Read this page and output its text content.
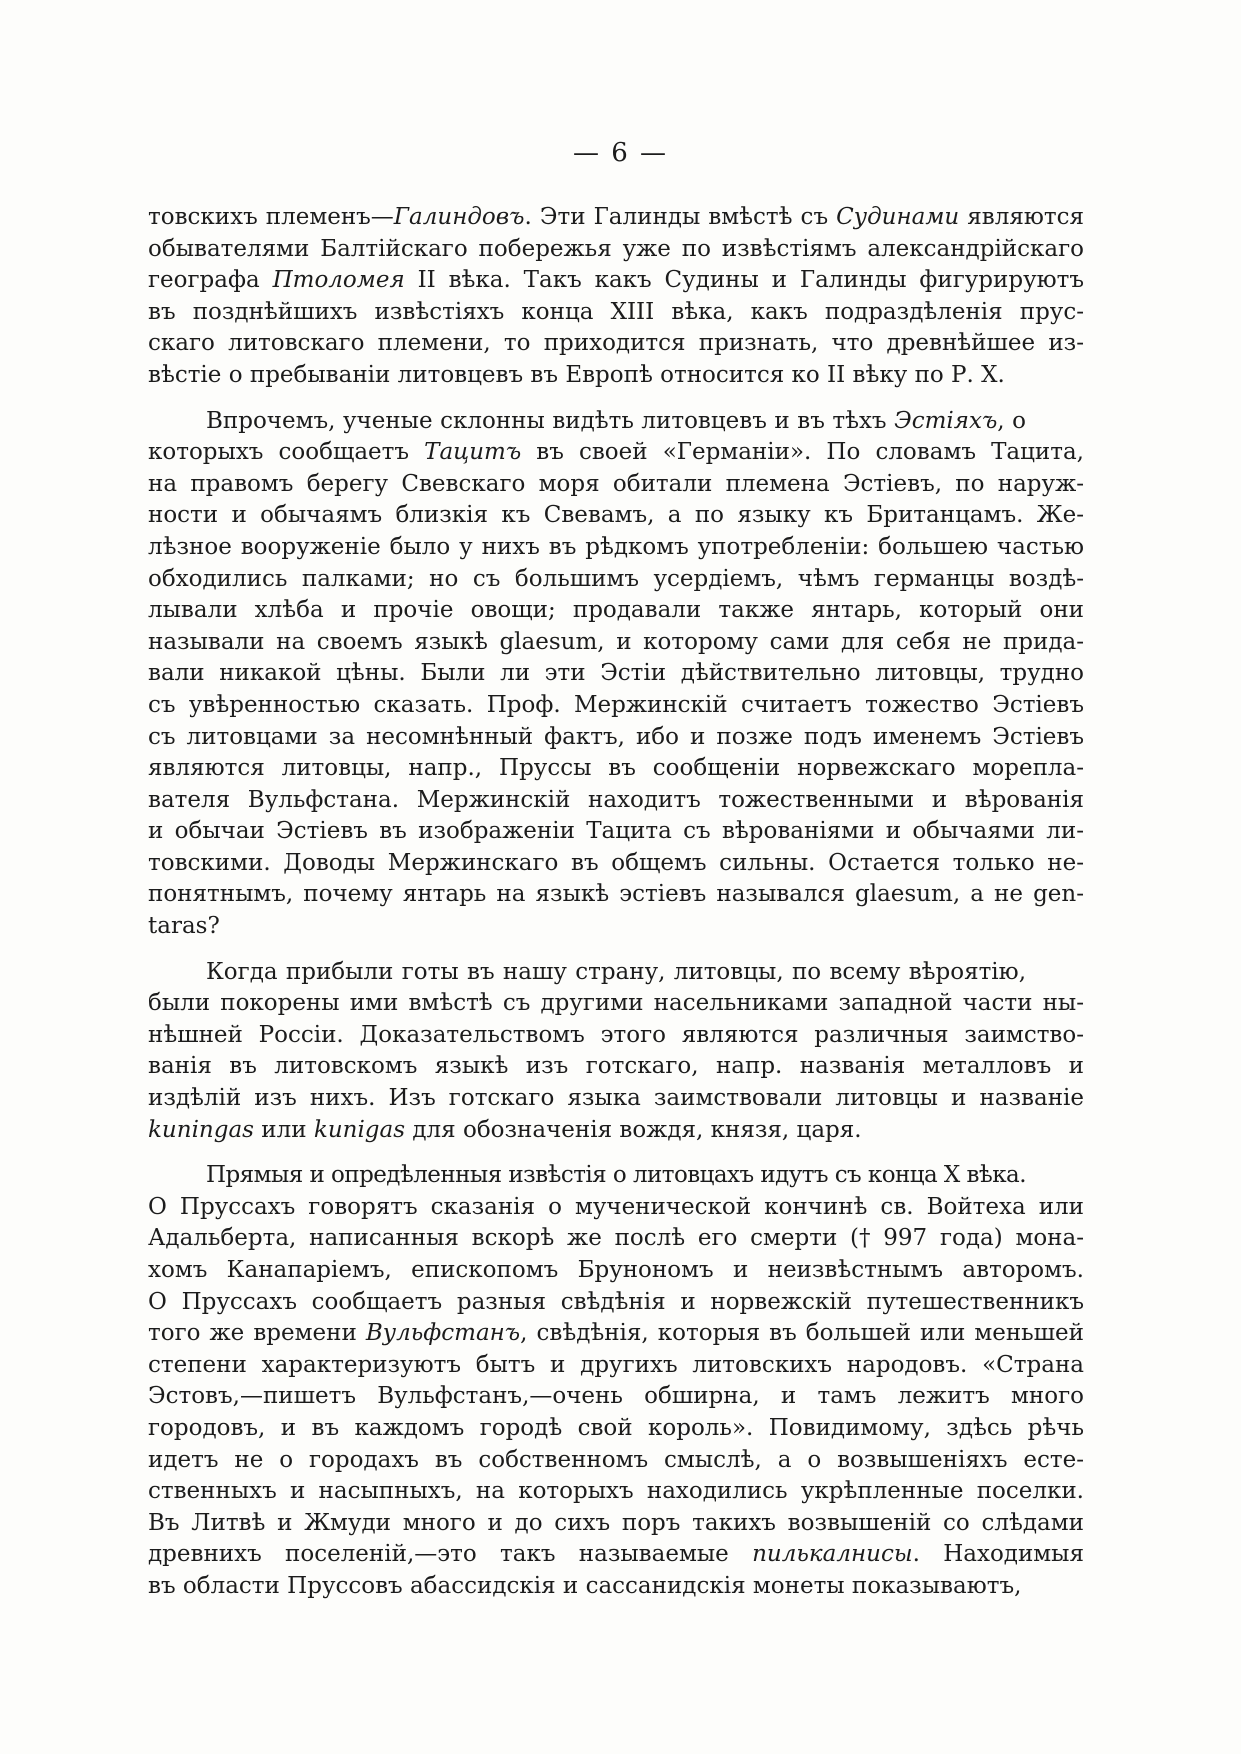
— 6 —
товскихъ племенъ—Галиндовъ. Эти Галинды вмѣстѣ съ Судинами являются
обывателями Балтійскаго побережья уже по извѣстіямъ александрійскаго
географа Птоломея II вѣка. Такъ какъ Судины и Галинды фигурируютъ
въ позднѣйшихъ извѣстіяхъ конца XIII вѣка, какъ подраздѣленія прус-
скаго литовскаго племени, то приходится признать, что древнѣйшее из-
вѣстіе о пребываніи литовцевъ въ Европѣ относится ко II вѣку по Р. Х.
Впрочемъ, ученые склонны видѣть литовцевъ и въ тѣхъ Эстіяхъ, о
которыхъ сообщаетъ Тацитъ въ своей «Германіи». По словамъ Тацита,
на правомъ берегу Свевскаго моря обитали племена Эстіевъ, по наруж-
ности и обычаямъ близкія къ Свевамъ, а по языку къ Британцамъ. Же-
лѣзное вооруженіе было у нихъ въ рѣдкомъ употребленіи: большею частью
обходились палками; но съ большимъ усердіемъ, чѣмъ германцы воздѣ-
лывали хлѣба и прочіе овощи; продавали также янтарь, который они
называли на своемъ языкѣ glaesum, и которому сами для себя не прида-
вали никакой цѣны. Были ли эти Эстіи дѣйствительно литовцы, трудно
съ увѣренностью сказать. Проф. Мержинскій считаетъ тожество Эстіевъ
съ литовцами за несомнѣнный фактъ, ибо и позже подъ именемъ Эстіевъ
являются литовцы, напр., Пруссы въ сообщеніи норвежскаго морепла-
вателя Вульфстана. Мержинскій находитъ тожественными и вѣрованія
и обычаи Эстіевъ въ изображеніи Тацита съ вѣрованіями и обычаями ли-
товскими. Доводы Мержинскаго въ общемъ сильны. Остается только не-
понятнымъ, почему янтарь на языкѣ эстіевъ назывался glaesum, а не gen-
taras?
Когда прибыли готы въ нашу страну, литовцы, по всему вѣроятію,
были покорены ими вмѣстѣ съ другими насельниками западной части ны-
нѣшней Россіи. Доказательствомъ этого являются различныя заимство-
ванія въ литовскомъ языкѣ изъ готскаго, напр. названія металловъ и
издѣлій изъ нихъ. Изъ готскаго языка заимствовали литовцы и названіе
kuningas или kunigas для обозначенія вождя, князя, царя.
Прямыя и опредѣленныя извѣстія о литовцахъ идутъ съ конца X вѣка.
О Пруссахъ говорятъ сказанія о мученической кончинѣ св. Войтеха или
Адальберта, написанныя вскорѣ же послѣ его смерти († 997 года) мона-
хомъ Канапаріемъ, епископомъ Брунономъ и неизвѣстнымъ авторомъ.
О Пруссахъ сообщаетъ разныя свѣдѣнія и норвежскій путешественникъ
того же времени Вульфстанъ, свѣдѣнія, которыя въ большей или меньшей
степени характеризуютъ бытъ и другихъ литовскихъ народовъ. «Страна
Эстовъ,—пишетъ Вульфстанъ,—очень обширна, и тамъ лежитъ много
городовъ, и въ каждомъ городѣ свой король». Повидимому, здѣсь рѣчь
идетъ не о городахъ въ собственномъ смыслѣ, а о возвышеніяхъ есте-
ственныхъ и насыпныхъ, на которыхъ находились укрѣпленные поселки.
Въ Литвѣ и Жмуди много и до сихъ поръ такихъ возвышеній со слѣдами
древнихъ поселеній,—это такъ называемые пилькалнисы. Находимыя
въ области Пруссовъ абассидскія и сассанидскія монеты показываютъ,
